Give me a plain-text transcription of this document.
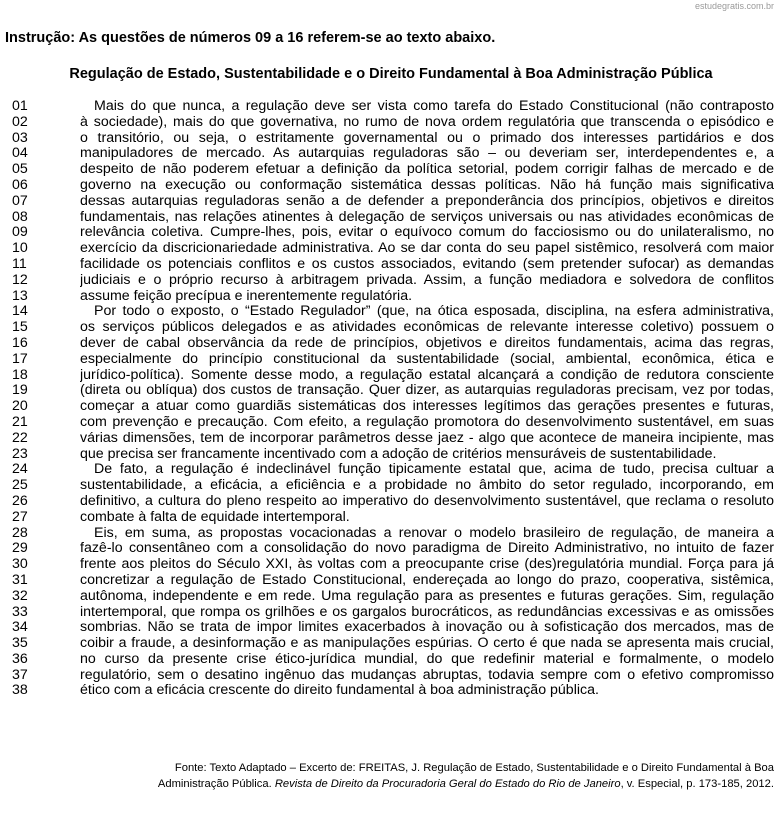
estudegratis.com.br
Instrução: As questões de números 09 a 16 referem-se ao texto abaixo.
Regulação de Estado, Sustentabilidade e o Direito Fundamental à Boa Administração Pública
01	Mais do que nunca, a regulação deve ser vista como tarefa do Estado Constitucional (não contraposto
02	à sociedade), mais do que governativa, no rumo de nova ordem regulatória que transcenda o episódico e
03	o transitório, ou seja, o estritamente governamental ou o primado dos interesses partidários e dos
04	manipuladores de mercado. As autarquias reguladoras são – ou deveriam ser, interdependentes e, a
05	despeito de não poderem efetuar a definição da política setorial, podem corrigir falhas de mercado e de
06	governo na execução ou conformação sistemática dessas políticas. Não há função mais significativa
07	dessas autarquias reguladoras senão a de defender a preponderância dos princípios, objetivos e direitos
08	fundamentais, nas relações atinentes à delegação de serviços universais ou nas atividades econômicas de
09	relevância coletiva. Cumpre-lhes, pois, evitar o equívoco comum do facciosismo ou do unilateralismo, no
10	exercício da discricionariedade administrativa. Ao se dar conta do seu papel sistêmico, resolverá com maior
11	facilidade os potenciais conflitos e os custos associados, evitando (sem pretender sufocar) as demandas
12	judiciais e o próprio recurso à arbitragem privada. Assim, a função mediadora e solvedora de conflitos
13	assume feição precípua e inerentemente regulatória.
14	Por todo o exposto, o “Estado Regulador” (que, na ótica esposada, disciplina, na esfera administrativa,
15	os serviços públicos delegados e as atividades econômicas de relevante interesse coletivo) possuem o
16	dever de cabal observância da rede de princípios, objetivos e direitos fundamentais, acima das regras,
17	especialmente do princípio constitucional da sustentabilidade (social, ambiental, econômica, ética e
18	jurídico-política). Somente desse modo, a regulação estatal alcançará a condição de redutora consciente
19	(direta ou oblíqua) dos custos de transação. Quer dizer, as autarquias reguladoras precisam, vez por todas,
20	começar a atuar como guardiãs sistemáticas dos interesses legítimos das gerações presentes e futuras,
21	com prevenção e precaução. Com efeito, a regulação promotora do desenvolvimento sustentável, em suas
22	várias dimensões, tem de incorporar parâmetros desse jaez - algo que acontece de maneira incipiente, mas
23	que precisa ser francamente incentivado com a adoção de critérios mensuráveis de sustentabilidade.
24	De fato, a regulação é indeclinável função tipicamente estatal que, acima de tudo, precisa cultuar a
25	sustentabilidade, a eficácia, a eficiência e a probidade no âmbito do setor regulado, incorporando, em
26	definitivo, a cultura do pleno respeito ao imperativo do desenvolvimento sustentável, que reclama o resoluto
27	combate à falta de equidade intertemporal.
28	Eis, em suma, as propostas vocacionadas a renovar o modelo brasileiro de regulação, de maneira a
29	fazê-lo consentâneo com a consolidação do novo paradigma de Direito Administrativo, no intuito de fazer
30	frente aos pleitos do Século XXI, às voltas com a preocupante crise (des)regulatória mundial. Força para já
31	concretizar a regulação de Estado Constitucional, endereçada ao longo do prazo, cooperativa, sistêmica,
32	autônoma, independente e em rede. Uma regulação para as presentes e futuras gerações. Sim, regulação
33	intertemporal, que rompa os grilhões e os gargalos burocráticos, as redundâncias excessivas e as omissões
34	sombrias. Não se trata de impor limites exacerbados à inovação ou à sofisticação dos mercados, mas de
35	coibir a fraude, a desinformação e as manipulações espúrias. O certo é que nada se apresenta mais crucial,
36	no curso da presente crise ético-jurídica mundial, do que redefinir material e formalmente, o modelo
37	regulatório, sem o desatino ingênuo das mudanças abruptas, todavia sempre com o efetivo compromisso
38	ético com a eficácia crescente do direito fundamental à boa administração pública.
Fonte: Texto Adaptado – Excerto de: FREITAS, J. Regulação de Estado, Sustentabilidade e o Direito Fundamental à Boa
Administração Pública. Revista de Direito da Procuradoria Geral do Estado do Rio de Janeiro, v. Especial, p. 173-185, 2012.
